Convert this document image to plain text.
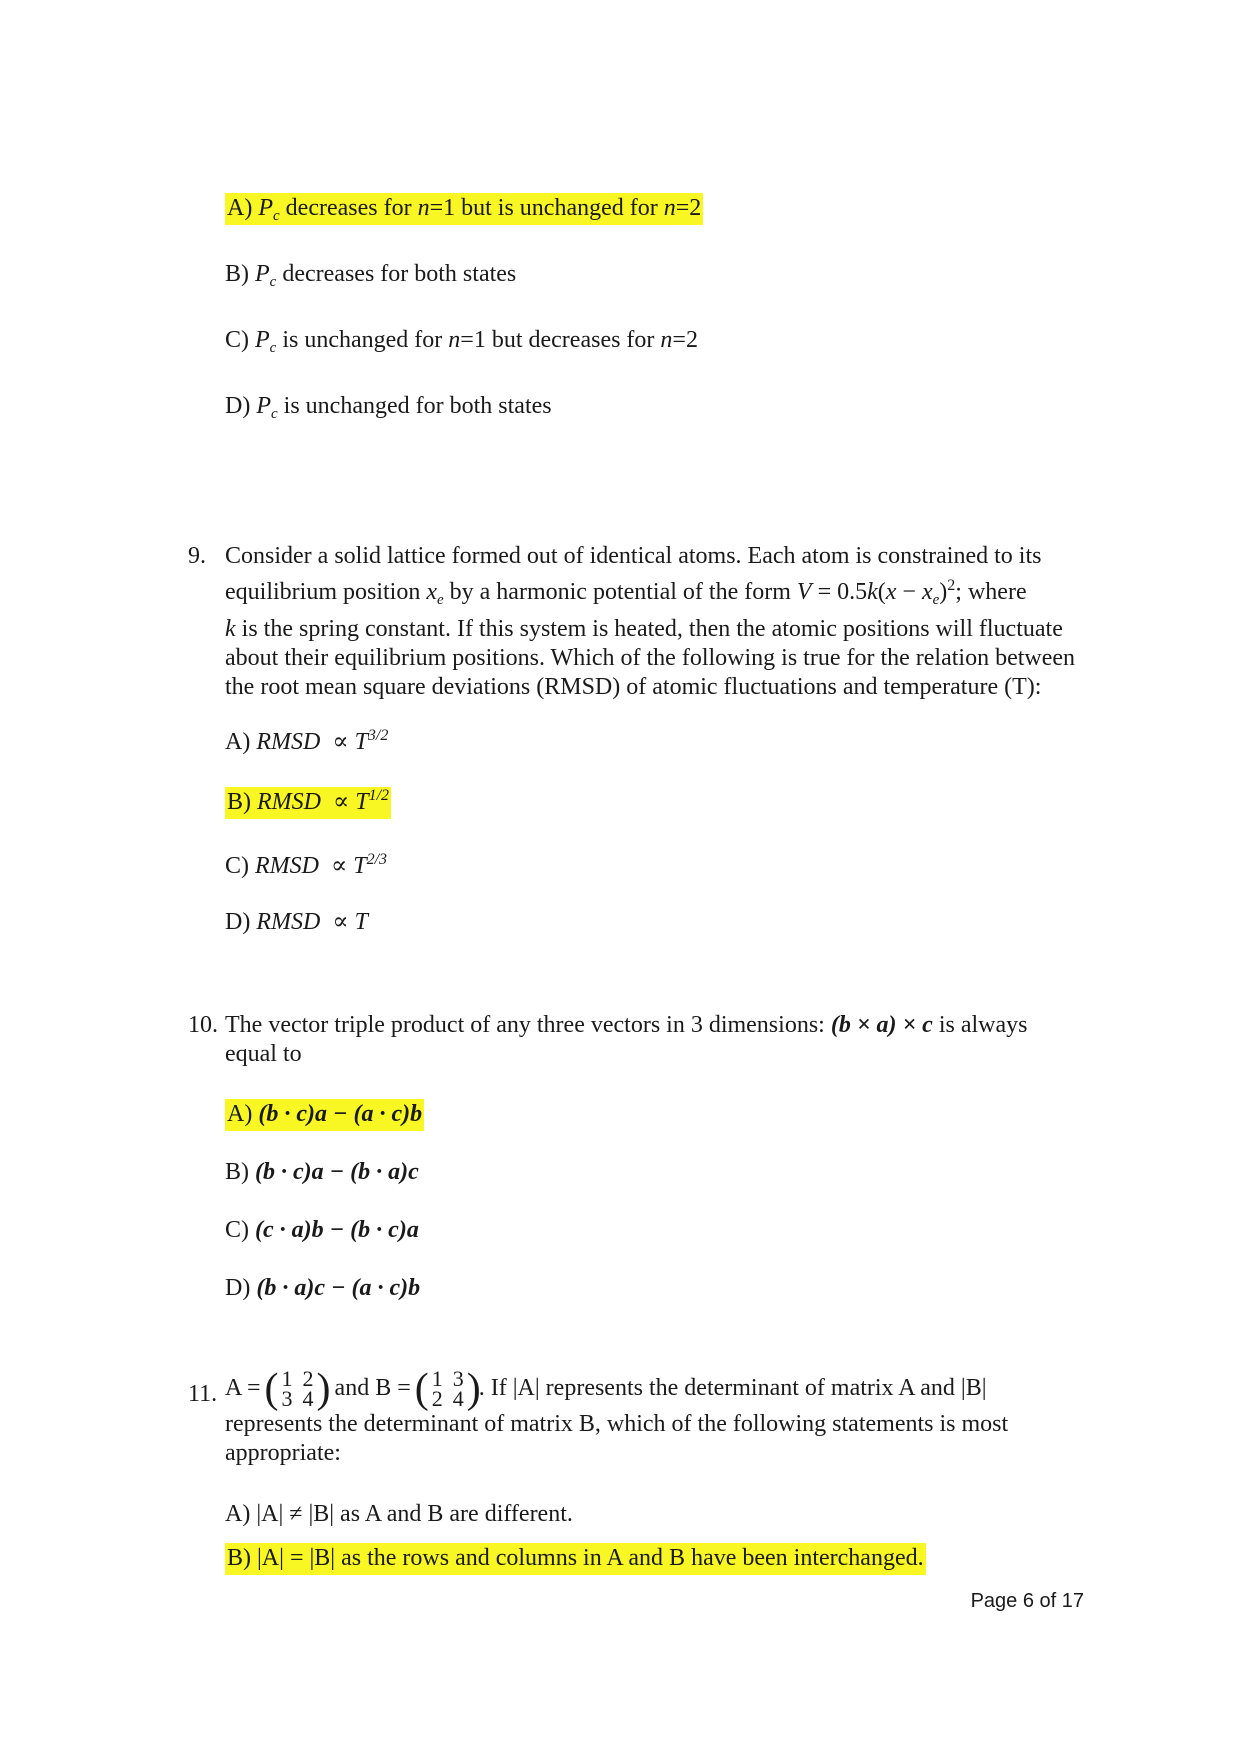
A) $P_c$ decreases for n=1 but is unchanged for n=2
B) $P_c$ decreases for both states
C) $P_c$ is unchanged for n=1 but decreases for n=2
D) $P_c$ is unchanged for both states
9. Consider a solid lattice formed out of identical atoms. Each atom is constrained to its
equilibrium position $x_e$ by a harmonic potential of the form $V = 0.5k(x - x_e)^2$; where
k is the spring constant. If this system is heated, then the atomic positions will fluctuate
about their equilibrium positions. Which of the following is true for the relation between
the root mean square deviations (RMSD) of atomic fluctuations and temperature (T):
A) RMSD ∝ $T^{3/2}$
B) RMSD ∝ $T^{1/2}$
C) RMSD ∝ $T^{2/3}$
D) RMSD ∝ T
10. The vector triple product of any three vectors in 3 dimensions: (b × a) × c is always
equal to
A) (b · c)a − (a · c)b
B) (b · c)a − (b · a)c
C) (c · a)b − (b · c)a
D) (b · a)c − (a · c)b
11. A = ( 1	2
3	4 )
and B = ( 1	3
2	4 )
. If |A| represents the determinant of matrix A and |B|
represents the determinant of matrix B, which of the following statements is most
appropriate:
A) |A| ≠ |B| as A and B are different.
B) |A| = |B| as the rows and columns in A and B have been interchanged.
Page 6 of 17
